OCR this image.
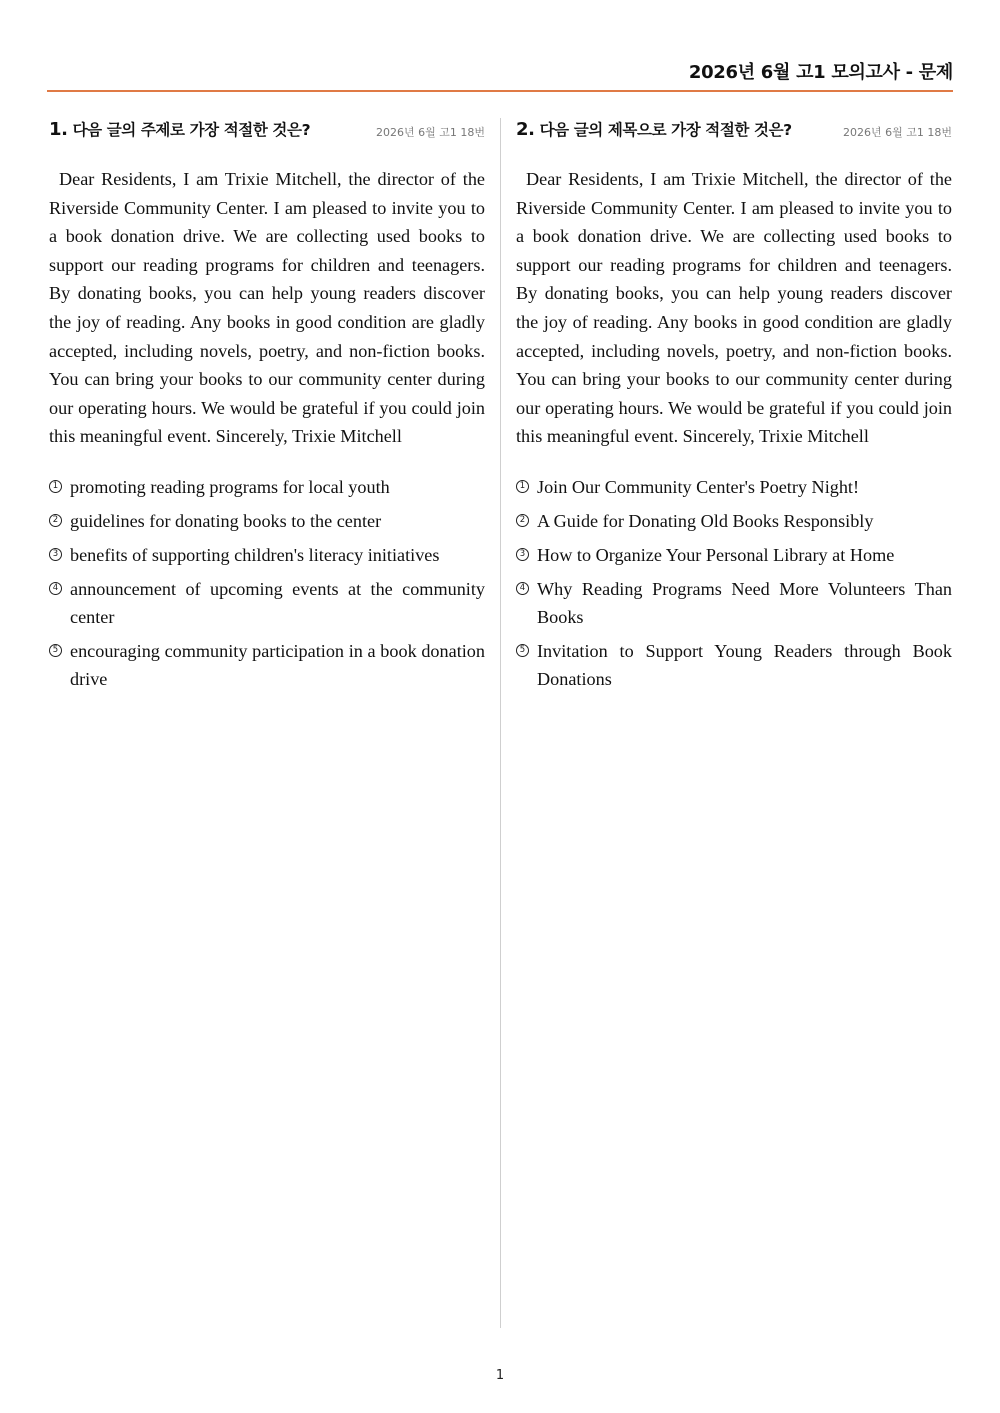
2026년 6월 고1 모의고사 - 문제
1. 다음 글의 주제로 가장 적절한 것은?	2026년 6월 고1 18번
Dear Residents, I am Trixie Mitchell, the director of the Riverside Community Center. I am pleased to invite you to a book donation drive. We are collecting used books to support our reading programs for children and teenagers. By donating books, you can help young readers discover the joy of reading. Any books in good condition are gladly accepted, including novels, poetry, and non-fiction books. You can bring your books to our community center during our operating hours. We would be grateful if you could join this meaningful event. Sincerely, Trixie Mitchell
1 promoting reading programs for local youth
2 guidelines for donating books to the center
3 benefits of supporting children's literacy initiatives
4 announcement of upcoming events at the community center
5 encouraging community participation in a book donation drive
2. 다음 글의 제목으로 가장 적절한 것은?	2026년 6월 고1 18번
Dear Residents, I am Trixie Mitchell, the director of the Riverside Community Center. I am pleased to invite you to a book donation drive. We are collecting used books to support our reading programs for children and teenagers. By donating books, you can help young readers discover the joy of reading. Any books in good condition are gladly accepted, including novels, poetry, and non-fiction books. You can bring your books to our community center during our operating hours. We would be grateful if you could join this meaningful event. Sincerely, Trixie Mitchell
1 Join Our Community Center's Poetry Night!
2 A Guide for Donating Old Books Responsibly
3 How to Organize Your Personal Library at Home
4 Why Reading Programs Need More Volunteers Than Books
5 Invitation to Support Young Readers through Book Donations
1
